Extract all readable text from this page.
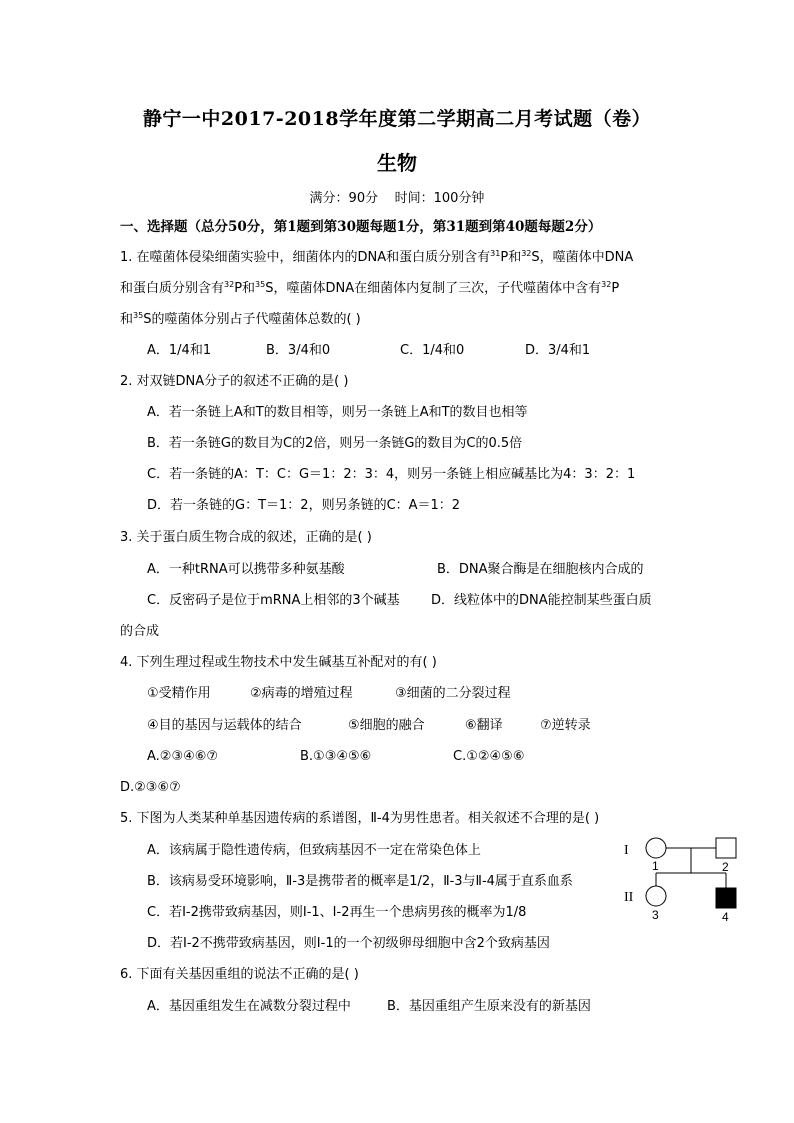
静宁一中2017-2018学年度第二学期高二月考试题（卷）
生物
满分：90分    时间：100分钟
一、选择题（总分50分，第1题到第30题每题1分，第31题到第40题每题2分）
1. 在噬菌体侵染细菌实验中，细菌体内的DNA和蛋白质分别含有$^{31}$P和$^{32}$S，噬菌体中DNA
和蛋白质分别含有$^{32}$P和$^{35}$S，噬菌体DNA在细菌体内复制了三次，子代噬菌体中含有$^{32}$P
和$^{35}$S的噬菌体分别占子代噬菌体总数的( )
A．1/4和1	B．3/4和0	C．1/4和0	D．3/4和1
2. 对双链DNA分子的叙述不正确的是( )
A．若一条链上A和T的数目相等，则另一条链上A和T的数目也相等
B．若一条链G的数目为C的2倍，则另一条链G的数目为C的0.5倍
C．若一条链的A：T：C：G＝1：2：3：4，则另一条链上相应碱基比为4：3：2：1
D．若一条链的G：T＝1：2，则另条链的C：A＝1：2
3. 关于蛋白质生物合成的叙述，正确的是( )
A．一种tRNA可以携带多种氨基酸	B．DNA聚合酶是在细胞核内合成的
C．反密码子是位于mRNA上相邻的3个碱基 D．线粒体中的DNA能控制某些蛋白质
的合成
4. 下列生理过程或生物技术中发生碱基互补配对的有( )
①受精作用	②病毒的增殖过程	③细菌的二分裂过程
④目的基因与运载体的结合	⑤细胞的融合	⑥翻译	⑦逆转录
A.②③④⑥⑦	B.①③④⑤⑥	C.①②④⑤⑥
D.②③⑥⑦
5. 下图为人类某种单基因遗传病的系谱图，Ⅱ-4为男性患者。相关叙述不合理的是( )
A．该病属于隐性遗传病，但致病基因不一定在常染色体上
B．该病易受环境影响，Ⅱ-3是携带者的概率是1/2，Ⅱ-3与Ⅱ-4属于直系血系
C．若Ⅰ-2携带致病基因，则Ⅰ-1、Ⅰ-2再生一个患病男孩的概率为1/8
D．若Ⅰ-2不携带致病基因，则Ⅰ-1的一个初级卵母细胞中含2个致病基因
I
II
1	2
3	4
6. 下面有关基因重组的说法不正确的是( )
A．基因重组发生在减数分裂过程中	B．基因重组产生原来没有的新基因
